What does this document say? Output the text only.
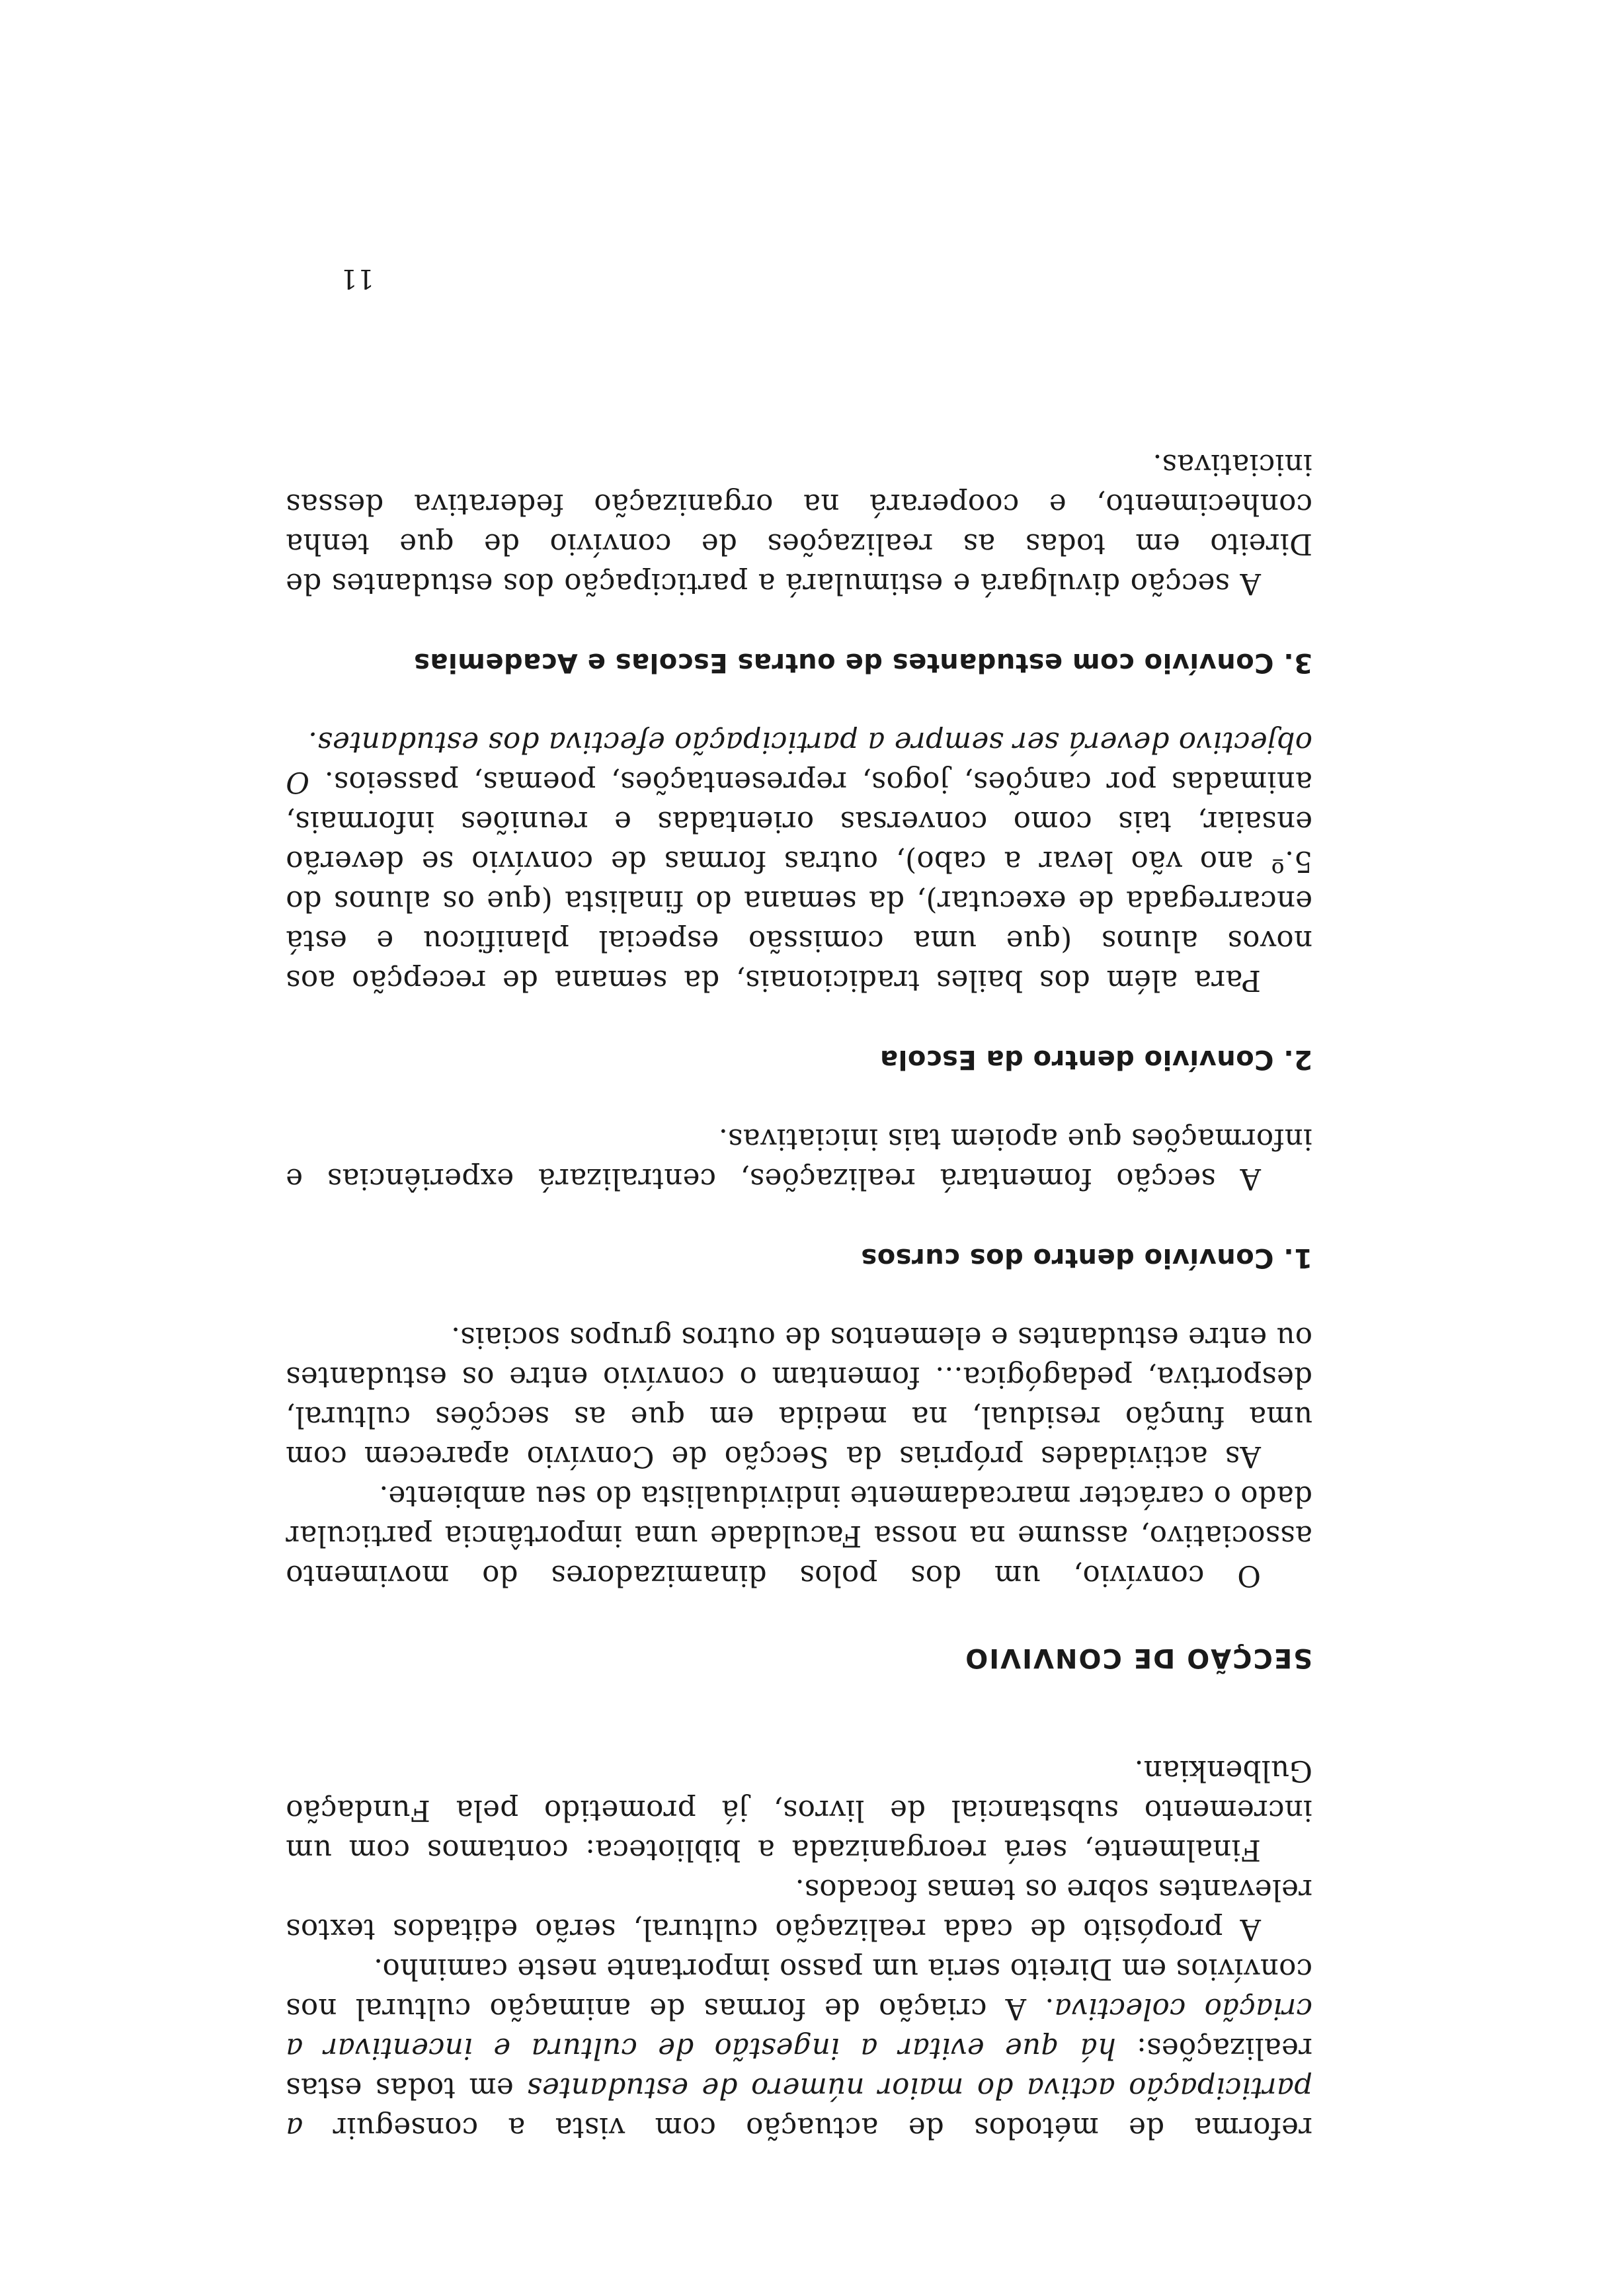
reforma de métodos de actuação com vista a conseguir a participação activa do maior número de estudantes em todas estas realizações: há que evitar a ingestão de cultura e incentivar a criação colectiva. A criação de formas de animação cultural nos convívios em Direito seria um passo importante neste caminho.

A propósito de cada realização cultural, serão editados textos relevantes sobre os temas focados.

Finalmente, será reorganizada a biblioteca: contamos com um incremento substancial de livros, já prometido pela Fundação Gulbenkian.

SECÇÃO DE CONVIVIO

O convívio, um dos polos dinamizadores do movimento associativo, assume na nossa Faculdade uma importância particular dado o carácter marcadamente individualista do seu ambiente.

As actividades próprias da Secção de Convívio aparecem com uma função residual, na medida em que as secções cultural, desportiva, pedagógica... fomentam o convívio entre os estudantes ou entre estudantes e elementos de outros grupos sociais.

1. Convívio dentro dos cursos

A secção fomentará realizações, centralizará experiências e informações que apoiem tais iniciativas.

2. Convívio dentro da Escola

Para além dos bailes tradicionais, da semana de recepção aos novos alunos (que uma comissão especial planificou e está encarregada de executar), da semana do finalista (que os alunos do 5.º ano vão levar a cabo), outras formas de convívio se deverão ensaiar, tais como conversas orientadas e reuniões informais, animadas por canções, jogos, representações, poemas, passeios. O objectivo deverá ser sempre a participação efectiva dos estudantes.

3. Convívio com estudantes de outras Escolas e Academias

A secção divulgará e estimulará a participação dos estudantes de Direito em todas as realizações de convívio de que tenha conhecimento, e cooperará na organização federativa dessas iniciativas.

11
